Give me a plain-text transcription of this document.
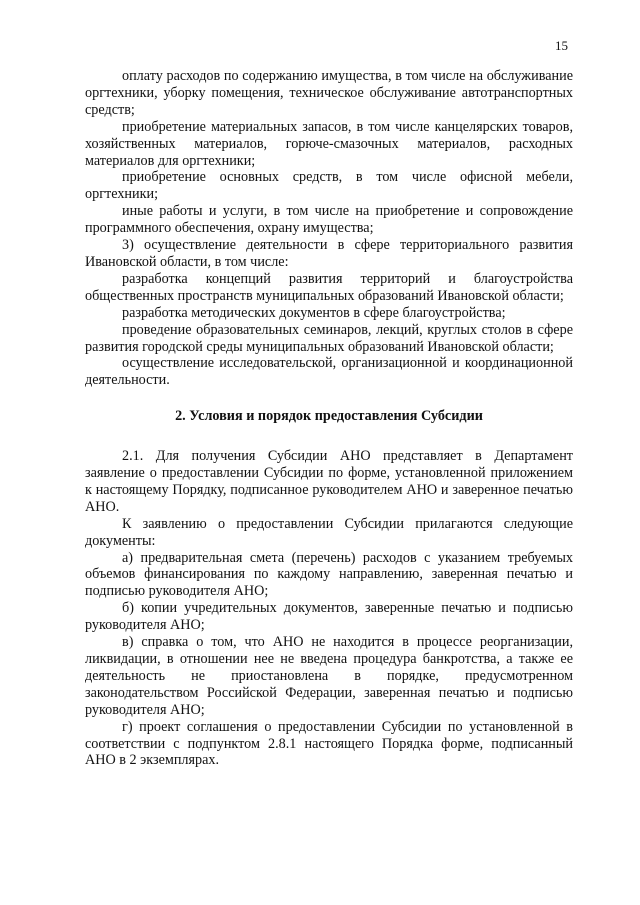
15

оплату расходов по содержанию имущества, в том числе на обслуживание оргтехники, уборку помещения, техническое обслуживание автотранспортных средств;

приобретение материальных запасов, в том числе канцелярских товаров, хозяйственных материалов, горюче-смазочных материалов, расходных материалов для оргтехники;

приобретение основных средств, в том числе офисной мебели, оргтехники;

иные работы и услуги, в том числе на приобретение и сопровождение программного обеспечения, охрану имущества;

3) осуществление деятельности в сфере территориального развития Ивановской области, в том числе:

разработка концепций развития территорий и благоустройства общественных пространств муниципальных образований Ивановской области;

разработка методических документов в сфере благоустройства;

проведение образовательных семинаров, лекций, круглых столов в сфере развития городской среды муниципальных образований Ивановской области;

осуществление исследовательской, организационной и координационной деятельности.

2. Условия и порядок предоставления Субсидии

2.1. Для получения Субсидии АНО представляет в Департамент заявление о предоставлении Субсидии по форме, установленной приложением к настоящему Порядку, подписанное руководителем АНО и заверенное печатью АНО.

К заявлению о предоставлении Субсидии прилагаются следующие документы:

а) предварительная смета (перечень) расходов с указанием требуемых объемов финансирования по каждому направлению, заверенная печатью и подписью руководителя АНО;

б) копии учредительных документов, заверенные печатью и подписью руководителя АНО;

в) справка о том, что АНО не находится в процессе реорганизации, ликвидации, в отношении нее не введена процедура банкротства, а также ее деятельность не приостановлена в порядке, предусмотренном законодательством Российской Федерации, заверенная печатью и подписью руководителя АНО;

г) проект соглашения о предоставлении Субсидии по установленной в соответствии с подпунктом 2.8.1 настоящего Порядка форме, подписанный АНО в 2 экземплярах.
